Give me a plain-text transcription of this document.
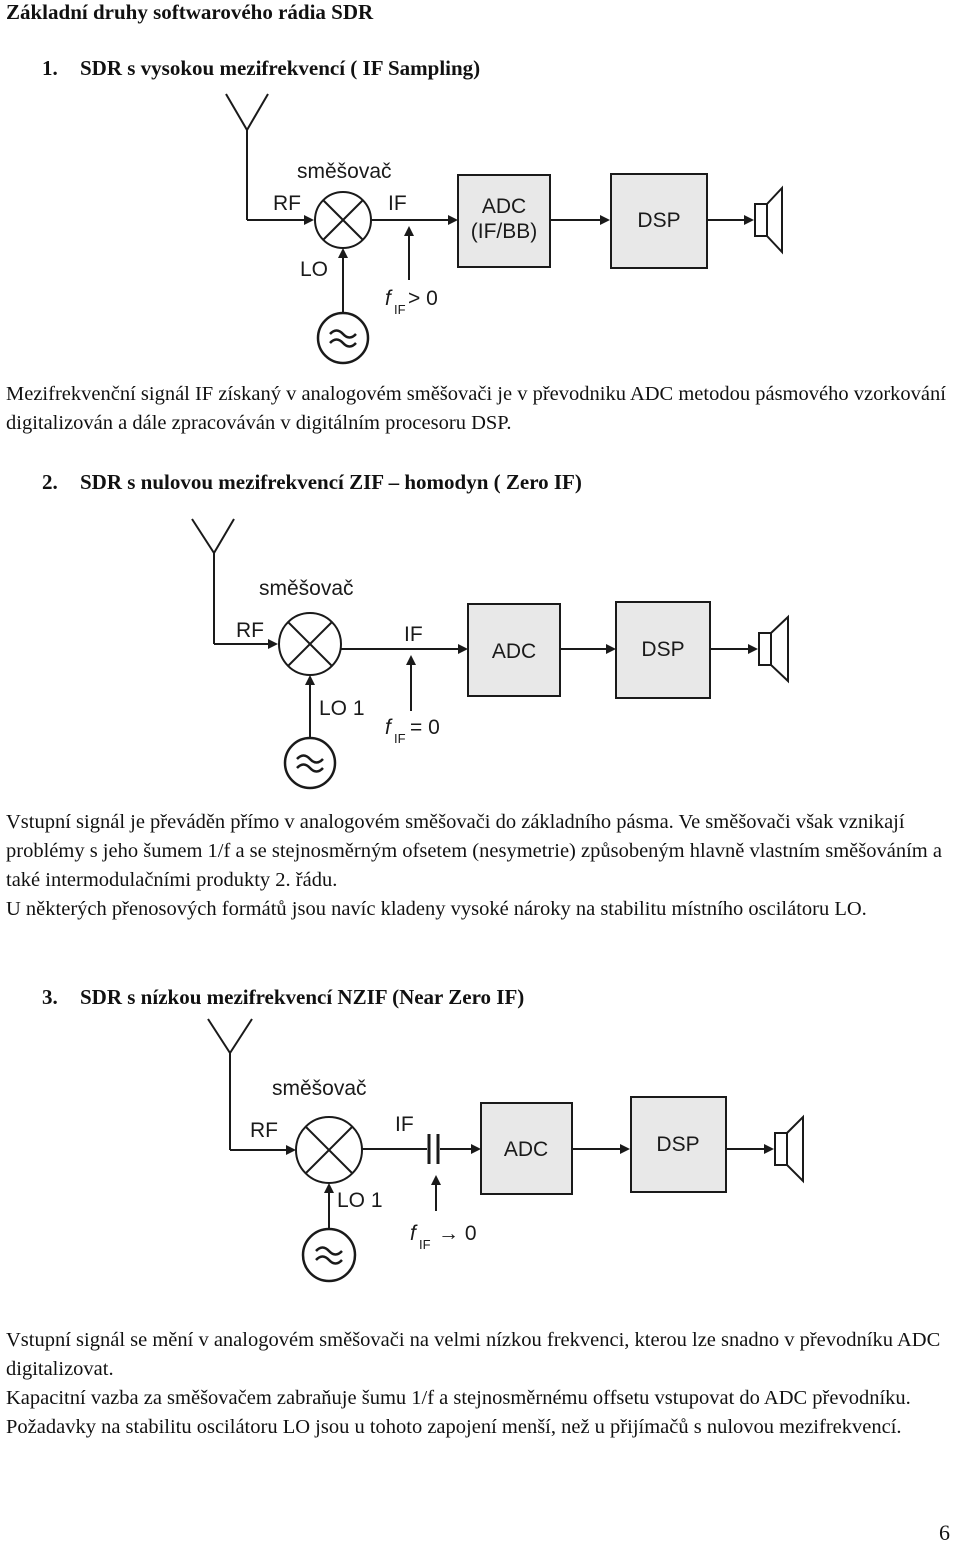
Základní druhy softwarového rádia SDR
1. SDR s vysokou mezifrekvencí ( IF Sampling)
směšovač
RF	IF
LO
f IF > 0
ADC
(IF/BB)	DSP

Mezifrekvenční signál IF získaný v analogovém směšovači je v převodniku ADC metodou pásmového vzorkování digitalizován a dále zpracováván v digitálním procesoru DSP.

2. SDR s nulovou mezifrekvencí ZIF – homodyn ( Zero IF)
směšovač
RF	IF
LO 1
f IF = 0
ADC	DSP

Vstupní signál je převáděn přímo v analogovém směšovači do základního pásma. Ve směšovači však vznikají problémy s jeho šumem 1/f a se stejnosměrným ofsetem (nesymetrie) způsobeným hlavně vlastním směšováním a také intermodulačními produkty 2. řádu.

U některých přenosových formátů jsou navíc kladeny vysoké nároky na stabilitu místního oscilátoru LO.

3. SDR s nízkou mezifrekvencí NZIF (Near Zero IF)
směšovač
RF	IF
LO 1
f IF → 0
ADC	DSP

Vstupní signál se mění v analogovém směšovači na velmi nízkou frekvenci, kterou lze snadno v převodníku ADC digitalizovat.

Kapacitní vazba za směšovačem zabraňuje šumu 1/f a stejnosměrnému offsetu vstupovat do ADC převodníku. Požadavky na stabilitu oscilátoru LO jsou u tohoto zapojení menší, než u přijímačů s nulovou mezifrekvencí.

6
